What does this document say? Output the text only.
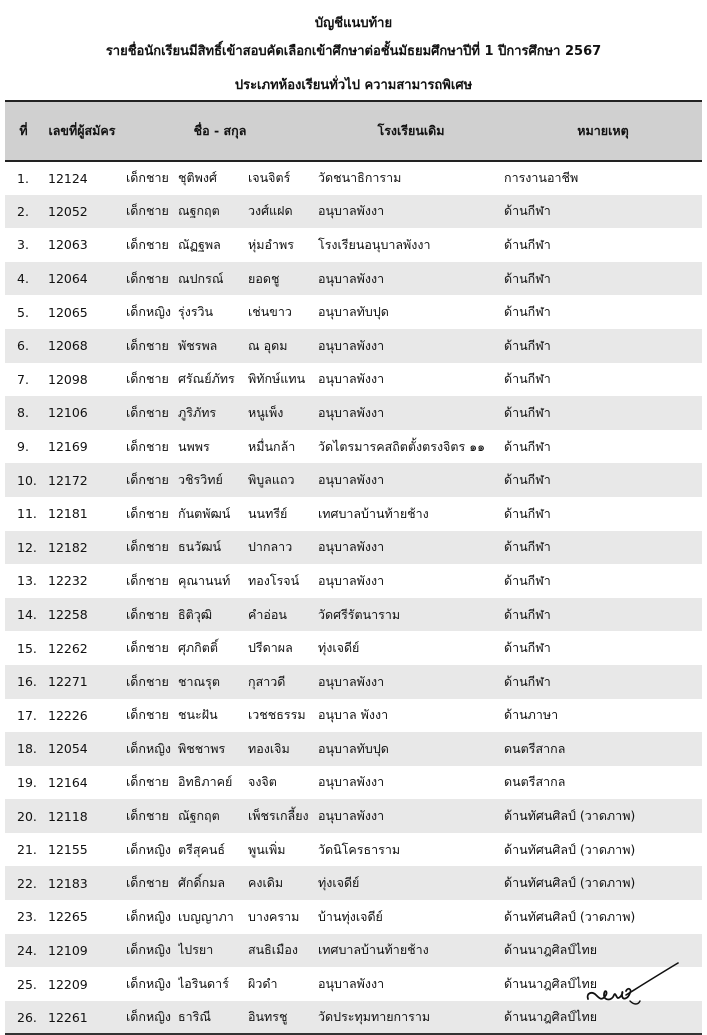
บัญชีแนบท้าย
รายชื่อนักเรียนมีสิทธิ์เข้าสอบคัดเลือกเข้าศึกษาต่อชั้นมัธยมศึกษาปีที่ 1 ปีการศึกษา 2567
ประเภทห้องเรียนทั่วไป ความสามารถพิเศษ
ที่	เลขที่ผู้สมัคร	ชื่อ - สกุล			โรงเรียนเดิม	หมายเหตุ
1.	12124	เด็กชาย	ชุติพงศ์	เจนจิตร์	วัดชนาธิการาม	การงานอาชีพ
2.	12052	เด็กชาย	ณฐกฤต	วงศ์แฝด	อนุบาลพังงา	ด้านกีฬา
3.	12063	เด็กชาย	ณัฏฐพล	หุ่มอำพร	โรงเรียนอนุบาลพังงา	ด้านกีฬา
4.	12064	เด็กชาย	ณปกรณ์	ยอดชู	อนุบาลพังงา	ด้านกีฬา
5.	12065	เด็กหญิง	รุ่งรวิน	เช่นขาว	อนุบาลทับปุด	ด้านกีฬา
6.	12068	เด็กชาย	พัชรพล	ณ อุดม	อนุบาลพังงา	ด้านกีฬา
7.	12098	เด็กชาย	ศรัณย์ภัทร	พิทักษ์แทน	อนุบาลพังงา	ด้านกีฬา
8.	12106	เด็กชาย	ภูริภัทร	หนูเพ็ง	อนุบาลพังงา	ด้านกีฬา
9.	12169	เด็กชาย	นพพร	หมื่นกล้า	วัดไตรมารคสถิตตั้งตรงจิตร ๑๑	ด้านกีฬา
10.	12172	เด็กชาย	วชิรวิทย์	พิบูลแถว	อนุบาลพังงา	ด้านกีฬา
11.	12181	เด็กชาย	กันตพัฒน์	นนทรีย์	เทศบาลบ้านท้ายช้าง	ด้านกีฬา
12.	12182	เด็กชาย	ธนวัฒน์	ปากลาว	อนุบาลพังงา	ด้านกีฬา
13.	12232	เด็กชาย	คุณานนท์	ทองโรจน์	อนุบาลพังงา	ด้านกีฬา
14.	12258	เด็กชาย	ธิติวุฒิ	คำอ่อน	วัดศรีรัตนาราม	ด้านกีฬา
15.	12262	เด็กชาย	ศุภกิตติ์	ปรีดาผล	ทุ่งเจดีย์	ด้านกีฬา
16.	12271	เด็กชาย	ชาณรุต	กุสาวดี	อนุบาลพังงา	ด้านกีฬา
17.	12226	เด็กชาย	ชนะฝัน	เวชชธรรม	อนุบาล พังงา	ด้านภาษา
18.	12054	เด็กหญิง	พิชชาพร	ทองเจิม	อนุบาลทับปุด	ดนตรีสากล
19.	12164	เด็กชาย	อิทธิภาคย์	จงจิต	อนุบาลพังงา	ดนตรีสากล
20.	12118	เด็กชาย	ณัฐกฤต	เพ็ชรเกลี้ยง	อนุบาลพังงา	ด้านทัศนศิลป์ (วาดภาพ)
21.	12155	เด็กหญิง	ตรีสุคนธ์	พูนเพิ่ม	วัดนิโครธาราม	ด้านทัศนศิลป์ (วาดภาพ)
22.	12183	เด็กชาย	ศักดิ์กมล	คงเดิม	ทุ่งเจดีย์	ด้านทัศนศิลป์ (วาดภาพ)
23.	12265	เด็กหญิง	เบญญาภา	บางคราม	บ้านทุ่งเจดีย์	ด้านทัศนศิลป์ (วาดภาพ)
24.	12109	เด็กหญิง	ไปรยา	สนธิเมือง	เทศบาลบ้านท้ายช้าง	ด้านนาฎศิลป์ไทย
25.	12209	เด็กหญิง	ไอรินดาร์	ผิวดำ	อนุบาลพังงา	ด้านนาฎศิลป์ไทย
26.	12261	เด็กหญิง	ธาริณี	อินทรชู	วัดประทุมทายการาม	ด้านนาฎศิลป์ไทย
